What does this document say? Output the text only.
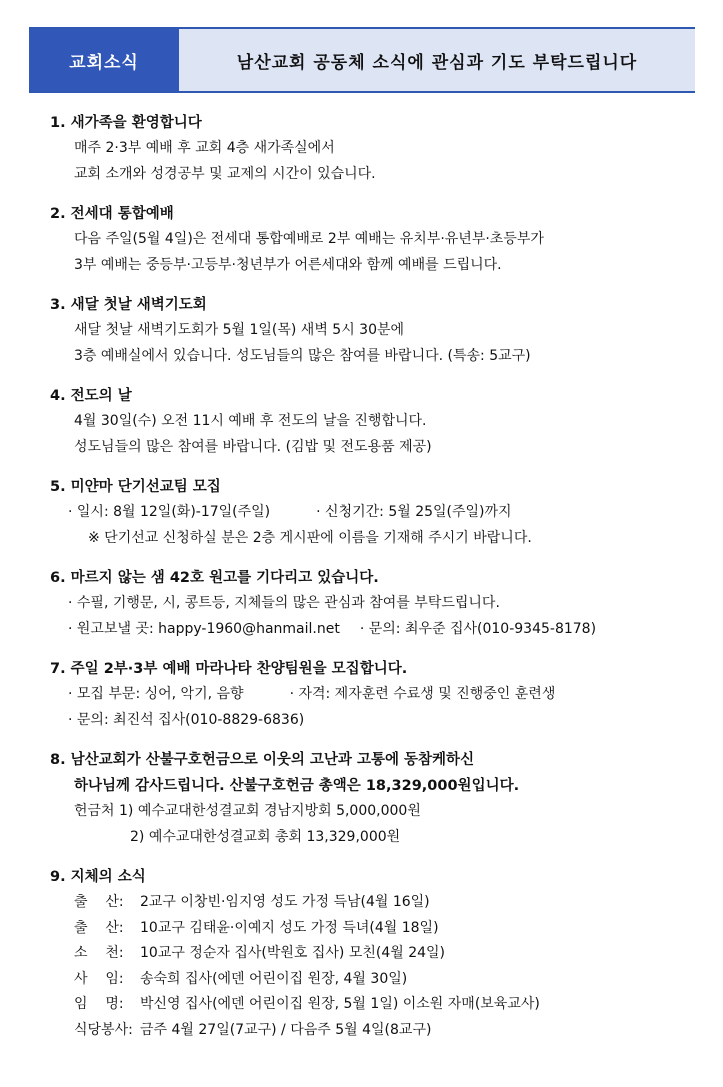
교회소식	남산교회 공동체 소식에 관심과 기도 부탁드립니다
1. 새가족을 환영합니다
매주 2·3부 예배 후 교회 4층 새가족실에서
교회 소개와 성경공부 및 교제의 시간이 있습니다.
2. 전세대 통합예배
다음 주일(5월 4일)은 전세대 통합예배로 2부 예배는 유치부·유년부·초등부가
3부 예배는 중등부·고등부·청년부가 어른세대와 함께 예배를 드립니다.
3. 새달 첫날 새벽기도회
새달 첫날 새벽기도회가 5월 1일(목) 새벽 5시 30분에
3층 예배실에서 있습니다. 성도님들의 많은 참여를 바랍니다. (특송: 5교구)
4. 전도의 날
4월 30일(수) 오전 11시 예배 후 전도의 날을 진행합니다.
성도님들의 많은 참여를 바랍니다. (김밥 및 전도용품 제공)
5. 미얀마 단기선교팀 모집
· 일시: 8월 12일(화)-17일(주일)	· 신청기간: 5월 25일(주일)까지
※ 단기선교 신청하실 분은 2층 게시판에 이름을 기재해 주시기 바랍니다.
6. 마르지 않는 샘 42호 원고를 기다리고 있습니다.
· 수필, 기행문, 시, 콩트등, 지체들의 많은 관심과 참여를 부탁드립니다.
· 원고보낼 곳: happy-1960@hanmail.net · 문의: 최우준 집사(010-9345-8178)
7. 주일 2부·3부 예배 마라나타 찬양팀원을 모집합니다.
· 모집 부문: 싱어, 악기, 음향	· 자격: 제자훈련 수료생 및 진행중인 훈련생
· 문의: 최진석 집사(010-8829-6836)
8. 남산교회가 산불구호헌금으로 이웃의 고난과 고통에 동참케하신
하나님께 감사드립니다. 산불구호헌금 총액은 18,329,000원입니다.
헌금처 1) 예수교대한성결교회 경남지방회 5,000,000원
2) 예수교대한성결교회 총회 13,329,000원
9. 지체의 소식
출    산: 2교구 이창빈·임지영 성도 가정 득남(4월 16일)
출    산: 10교구 김태윤·이예지 성도 가정 득녀(4월 18일)
소    천: 10교구 정순자 집사(박원호 집사) 모친(4월 24일)
사    임: 송숙희 집사(에덴 어린이집 원장, 4월 30일)
임    명: 박신영 집사(에덴 어린이집 원장, 5월 1일) 이소원 자매(보육교사)
식당봉사: 금주 4월 27일(7교구) / 다음주 5월 4일(8교구)
